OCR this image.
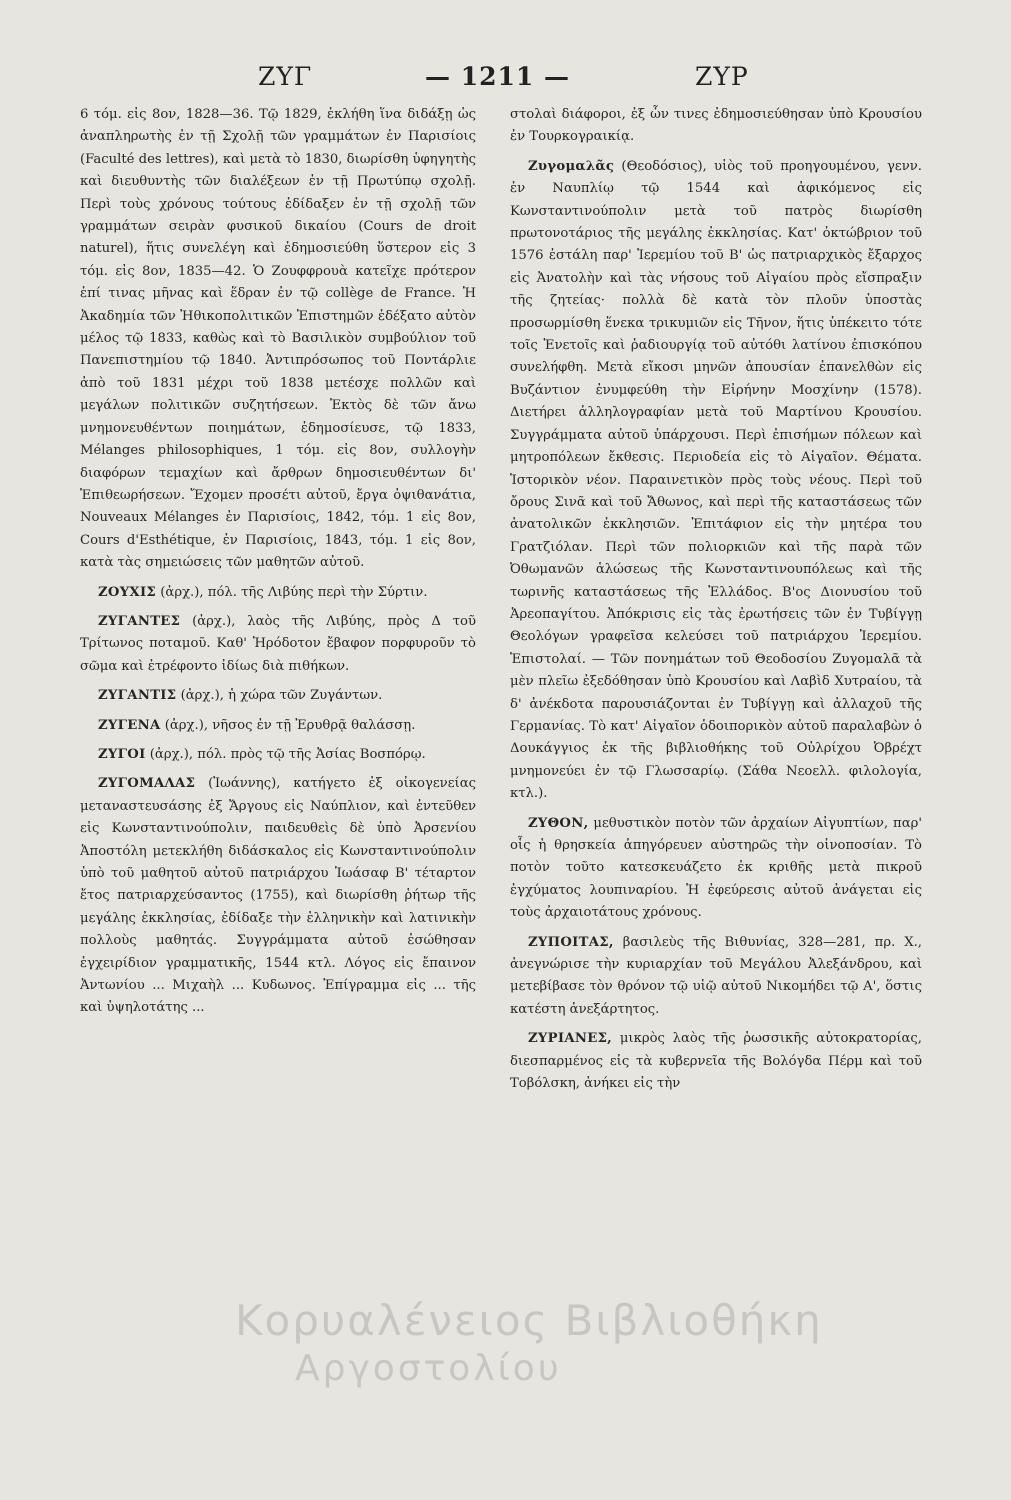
ΖΥΓ	— 1211 —	ΖΥΡ

6 τόμ. εἰς 8ον, 1828—36. Τῷ 1829, ἐκλήθη ἵνα διδάξῃ ὡς ἀναπληρωτὴς ἐν τῇ Σχολῇ τῶν γραμμάτων ἐν Παρισίοις (Faculté des lettres), καὶ μετὰ τὸ 1830, διωρίσθη ὑφηγητὴς καὶ διευθυντὴς τῶν διαλέξεων ἐν τῇ Πρωτύπῳ σχολῇ. Περὶ τοὺς χρόνους τούτους ἐδίδαξεν ἐν τῇ σχολῇ τῶν γραμμάτων σειρὰν φυσικοῦ δικαίου (Cours de droit naturel), ἥτις συνελέγη καὶ ἐδημοσιεύθη ὕστερον εἰς 3 τόμ. εἰς 8ον, 1835—42. Ὁ Ζουφφρουὰ κατεῖχε πρότερον ἐπί τινας μῆνας καὶ ἕδραν ἐν τῷ collège de France. Ἡ Ἀκαδημία τῶν Ἠθικοπολιτικῶν Ἐπιστημῶν ἐδέξατο αὐτὸν μέλος τῷ 1833, καθὼς καὶ τὸ Βασιλικὸν συμβούλιον τοῦ Πανεπιστημίου τῷ 1840. Ἀντιπρόσωπος τοῦ Ποντάρλιε ἀπὸ τοῦ 1831 μέχρι τοῦ 1838 μετέσχε πολλῶν καὶ μεγάλων πολιτικῶν συζητήσεων. Ἐκτὸς δὲ τῶν ἄνω μνημονευθέντων ποιημάτων, ἐδημοσίευσε, τῷ 1833, Mélanges philosophiques, 1 τόμ. εἰς 8ον, συλλογὴν διαφόρων τεμαχίων καὶ ἄρθρων δημοσιευθέντων δι' Ἐπιθεωρήσεων. Ἔχομεν προσέτι αὐτοῦ, ἔργα ὀψιθανάτια, Nouveaux Mélanges ἐν Παρισίοις, 1842, τόμ. 1 εἰς 8ον, Cours d'Esthétique, ἐν Παρισίοις, 1843, τόμ. 1 εἰς 8ον, κατὰ τὰς σημειώσεις τῶν μαθητῶν αὐτοῦ.

ΖΟΥΧΙΣ (ἀρχ.), πόλ. τῆς Λιβύης περὶ τὴν Σύρτιν.

ΖΥΓΑΝΤΕΣ (ἀρχ.), λαὸς τῆς Λιβύης, πρὸς Δ τοῦ Τρίτωνος ποταμοῦ. Καθ' Ἡρόδοτον ἔβαφον πορφυροῦν τὸ σῶμα καὶ ἐτρέφοντο ἰδίως διὰ πιθήκων.

ΖΥΓΑΝΤΙΣ (ἀρχ.), ἡ χώρα τῶν Ζυγάντων.

ΖΥΓΕΝΑ (ἀρχ.), νῆσος ἐν τῇ Ἐρυθρᾷ θαλάσσῃ.

ΖΥΓΟΙ (ἀρχ.), πόλ. πρὸς τῷ τῆς Ἀσίας Βοσπόρῳ.

ΖΥΓΟΜΑΛΑΣ (Ἰωάννης), κατήγετο ἐξ οἰκογενείας μεταναστευσάσης ἐξ Ἄργους εἰς Ναύπλιον, καὶ ἐντεῦθεν εἰς Κωνσταντινούπολιν, παιδευθεὶς δὲ ὑπὸ Ἀρσενίου Ἀποστόλη μετεκλήθη διδάσκαλος εἰς Κωνσταντινούπολιν ὑπὸ τοῦ μαθητοῦ αὐτοῦ πατριάρχου Ἰωάσαφ Β' τέταρτον ἔτος πατριαρχεύσαντος (1755), καὶ διωρίσθη ῥήτωρ τῆς μεγάλης ἐκκλησίας, ἐδίδαξε τὴν ἑλληνικὴν καὶ λατινικὴν πολλοὺς μαθητάς. Συγγράμματα αὐτοῦ ἐσώθησαν ἐγχειρίδιον γραμματικῆς, 1544 κτλ. Λόγος εἰς ἔπαινον Ἀντωνίου ... Μιχαὴλ ... Κυδωνος. Ἐπίγραμμα εἰς ... τῆς καὶ ὑψηλοτάτης ...

στολαὶ διάφοροι, ἐξ ὧν τινες ἐδημοσιεύθησαν ὑπὸ Κρουσίου ἐν Τουρκογραικίᾳ.

Ζυγομαλᾶς (Θεοδόσιος), υἱὸς τοῦ προηγουμένου, γενν. ἐν Ναυπλίῳ τῷ 1544 καὶ ἀφικόμενος εἰς Κωνσταντινούπολιν μετὰ τοῦ πατρὸς διωρίσθη πρωτονοτάριος τῆς μεγάλης ἐκκλησίας. Κατ' ὀκτώβριον τοῦ 1576 ἐστάλη παρ' Ἱερεμίου τοῦ Β' ὡς πατριαρχικὸς ἔξαρχος εἰς Ἀνατολὴν καὶ τὰς νήσους τοῦ Αἰγαίου πρὸς εἴσπραξιν τῆς ζητείας· πολλὰ δὲ κατὰ τὸν πλοῦν ὑποστὰς προσωρμίσθη ἕνεκα τρικυμιῶν εἰς Τῆνον, ἥτις ὑπέκειτο τότε τοῖς Ἑνετοῖς καὶ ῥαδιουργίᾳ τοῦ αὐτόθι λατίνου ἐπισκόπου συνελήφθη. Μετὰ εἴκοσι μηνῶν ἀπουσίαν ἐπανελθὼν εἰς Βυζάντιον ἐνυμφεύθη τὴν Εἰρήνην Μοσχίνην (1578). Διετήρει ἀλληλογραφίαν μετὰ τοῦ Μαρτίνου Κρουσίου. Συγγράμματα αὐτοῦ ὑπάρχουσι. Περὶ ἐπισήμων πόλεων καὶ μητροπόλεων ἔκθεσις. Περιοδεία εἰς τὸ Αἰγαῖον. Θέματα. Ἱστορικὸν νέον. Παραινετικὸν πρὸς τοὺς νέους. Περὶ τοῦ ὄρους Σινᾶ καὶ τοῦ Ἄθωνος, καὶ περὶ τῆς καταστάσεως τῶν ἀνατολικῶν ἐκκλησιῶν. Ἐπιτάφιον εἰς τὴν μητέρα του Γρατζιόλαν. Περὶ τῶν πολιορκιῶν καὶ τῆς παρὰ τῶν Ὀθωμανῶν ἁλώσεως τῆς Κωνσταντινουπόλεως καὶ τῆς τωρινῆς καταστάσεως τῆς Ἑλλάδος. Β'ος Διονυσίου τοῦ Ἀρεοπαγίτου. Ἀπόκρισις εἰς τὰς ἐρωτήσεις τῶν ἐν Τυβίγγῃ Θεολόγων γραφεῖσα κελεύσει τοῦ πατριάρχου Ἱερεμίου. Ἐπιστολαί. — Τῶν πονημάτων τοῦ Θεοδοσίου Ζυγομαλᾶ τὰ μὲν πλεῖω ἐξεδόθησαν ὑπὸ Κρουσίου καὶ Λαβὶδ Χυτραίου, τὰ δ' ἀνέκδοτα παρουσιάζονται ἐν Τυβίγγῃ καὶ ἀλλαχοῦ τῆς Γερμανίας. Τὸ κατ' Αἰγαῖον ὁδοιπορικὸν αὐτοῦ παραλαβὼν ὁ Δουκάγγιος ἐκ τῆς βιβλιοθήκης τοῦ Οὐλρίχου Ὀβρέχτ μνημονεύει ἐν τῷ Γλωσσαρίῳ. (Σάθα Νεοελλ. φιλολογία, κτλ.).

ΖΥΘΟΝ, μεθυστικὸν ποτὸν τῶν ἀρχαίων Αἰγυπτίων, παρ' οἷς ἡ θρησκεία ἀπηγόρευεν αὐστηρῶς τὴν οἰνοποσίαν. Τὸ ποτὸν τοῦτο κατεσκευάζετο ἐκ κριθῆς μετὰ πικροῦ ἐγχύματος λουπιναρίου. Ἡ ἐφεύρεσις αὐτοῦ ἀνάγεται εἰς τοὺς ἀρχαιοτάτους χρόνους.

ΖΥΠΟΙΤΑΣ, βασιλεὺς τῆς Βιθυνίας, 328—281, πρ. Χ., ἀνεγνώρισε τὴν κυριαρχίαν τοῦ Μεγάλου Ἀλεξάνδρου, καὶ μετεβίβασε τὸν θρόνον τῷ υἱῷ αὐτοῦ Νικομήδει τῷ Α', ὅστις κατέστη ἀνεξάρτητος.

ΖΥΡΙΑΝΕΣ, μικρὸς λαὸς τῆς ῥωσσικῆς αὐτοκρατορίας, διεσπαρμένος εἰς τὰ κυβερνεῖα τῆς Βολόγδα Πέρμ καὶ τοῦ Τοβόλσκη, ἀνήκει εἰς τὴν

Κορυαλένειος Βιβλιοθήκη
Αργοστολίου
